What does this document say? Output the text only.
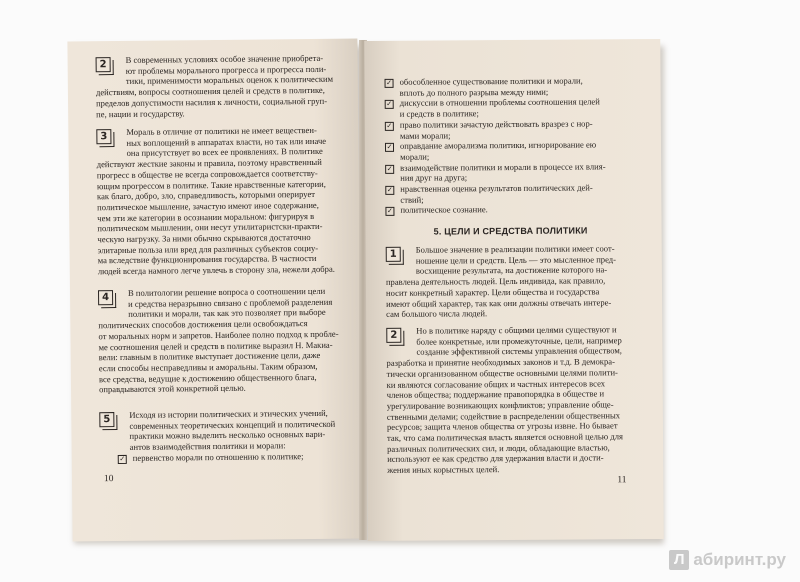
2	В современных условиях особое значение приобрета-
ют проблемы морального прогресса и прогресса поли-
тики, применимости моральных оценок к политическим
действиям, вопросы соотношения целей и средств в политике,
пределов допустимости насилия к личности, социальной груп-
пе, нации и государству.
3	Мораль в отличие от политики не имеет веществен-
ных воплощений в аппаратах власти, но так или иначе
она присутствует во всех ее проявлениях. В политике
действуют жесткие законы и правила, поэтому нравственный
прогресс в обществе не всегда сопровождается соответству-
ющим прогрессом в политике. Такие нравственные категории,
как благо, добро, зло, справедливость, которыми оперирует
политическое мышление, зачастую имеют иное содержание,
чем эти же категории в осознании моральном: фигурируя в
политическом мышлении, они несут утилитаристски-практи-
ческую нагрузку. За ними обычно скрываются достаточно
элитарные польза или вред для различных субъектов социу-
ма вследствие функционирования государства. В частности
людей всегда намного легче увлечь в сторону зла, нежели добра.
4	В политологии решение вопроса о соотношении цели
и средства неразрывно связано с проблемой разделения
политики и морали, так как это позволяет при выборе
политических способов достижения цели освобождаться
от моральных норм и запретов. Наиболее полно подход к пробле-
ме соотношения целей и средств в политике выразил Н. Макиа-
вели: главным в политике выступает достижение цели, даже
если способы несправедливы и аморальны. Таким образом,
все средства, ведущие к достижению общественного блага,
оправдываются этой конкретной целью.
5	Исходя из истории политических и этических учений,
современных теоретических концепций и политической
практики можно выделить несколько основных вари-
антов взаимодействия политики и морали:
✓ первенство морали по отношению к политике;
10
✓ обособленное существование политики и морали,
вплоть до полного разрыва между ними;
✓ дискуссии в отношении проблемы соотношения целей
и средств в политике;
✓ право политики зачастую действовать вразрез с нор-
мами морали;
✓ оправдание аморализма политики, игнорирование ею
морали;
✓ взаимодействие политики и морали в процессе их влия-
ния друг на друга;
✓ нравственная оценка результатов политических дей-
ствий;
✓ политическое сознание.
5. ЦЕЛИ И СРЕДСТВА ПОЛИТИКИ
1	Большое значение в реализации политики имеет соот-
ношение цели и средств. Цель — это мысленное пред-
восхищение результата, на достижение которого на-
правлена деятельность людей. Цель индивида, как правило,
носит конкретный характер. Цели общества и государства
имеют общий характер, так как они должны отвечать интере-
сам большого числа людей.
2	Но в политике наряду с общими целями существуют и
более конкретные, или промежуточные, цели, например
создание эффективной системы управления обществом,
разработка и принятие необходимых законов и т.д. В демокра-
тически организованном обществе основными целями полити-
ки являются согласование общих и частных интересов всех
членов общества; поддержание правопорядка в обществе и
урегулирование возникающих конфликтов; управление обще-
ственными делами; содействие в распределении общественных
ресурсов; защита членов общества от угрозы извне. Но бывает
так, что сама политическая власть является основной целью для
различных политических сил, и люди, обладающие властью,
используют ее как средство для удержания власти и дости-
жения иных корыстных целей.
11
Л абиринт.ру
